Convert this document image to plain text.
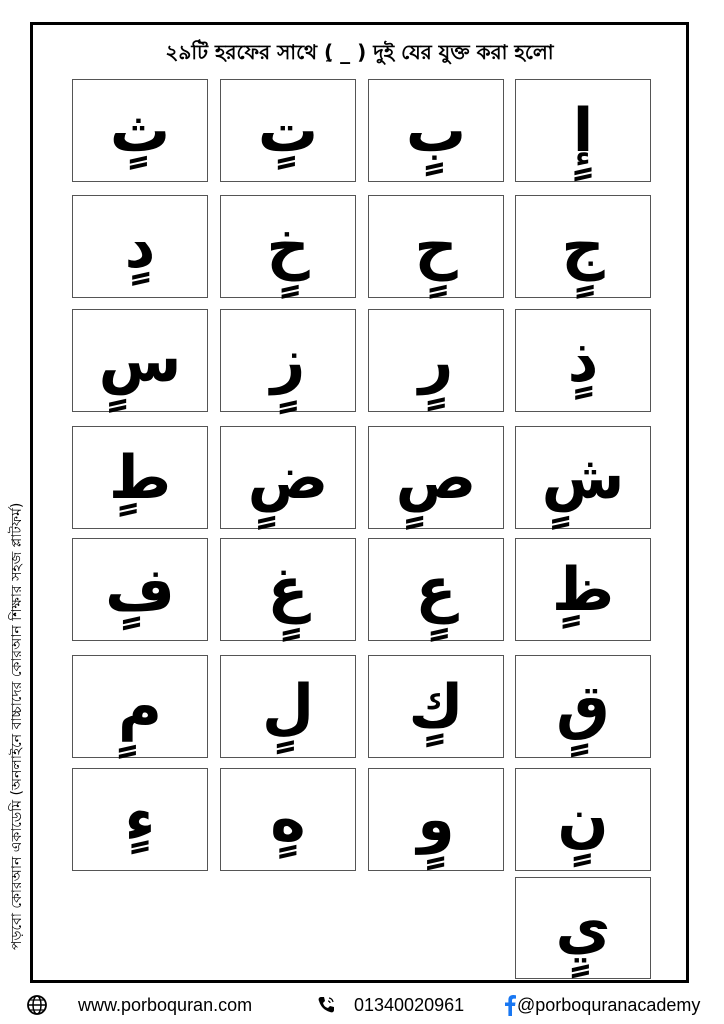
২৯টি হরফের সাথে (ِ _ ) দুই যের যুক্ত করা হলো
পড়বো কোরআন একাডেমি (অনলাইনে বাচ্চাদের কোরআন শিক্ষার সহজ প্লাটফর্ম)
ثٍ تٍ بٍ إٍ
دٍ خٍ حٍ جٍ
سٍ زٍ رٍ ذٍ
طٍ ضٍ صٍ شٍ
فٍ غٍ عٍ ظٍ
مٍ لٍ كٍ قٍ
ءٍ هٍ وٍ نٍ
يٍ
www.porboquran.com	01340020961	@porboquranacademy
